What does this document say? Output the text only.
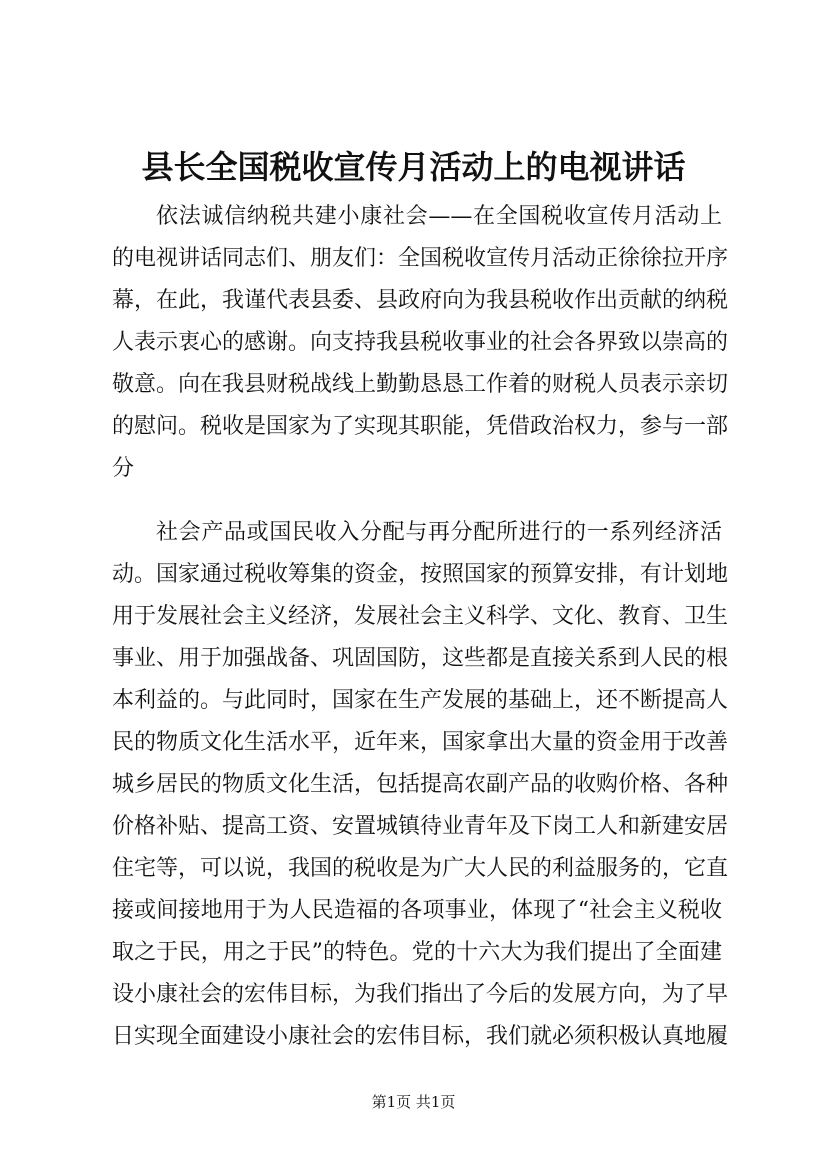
县长全国税收宣传月活动上的电视讲话
依法诚信纳税共建小康社会——在全国税收宣传月活动上
的电视讲话同志们、朋友们：全国税收宣传月活动正徐徐拉开序
幕，在此，我谨代表县委、县政府向为我县税收作出贡献的纳税
人表示衷心的感谢。向支持我县税收事业的社会各界致以崇高的
敬意。向在我县财税战线上勤勤恳恳工作着的财税人员表示亲切
的慰问。税收是国家为了实现其职能，凭借政治权力，参与一部
分
社会产品或国民收入分配与再分配所进行的一系列经济活
动。国家通过税收筹集的资金，按照国家的预算安排，有计划地
用于发展社会主义经济，发展社会主义科学、文化、教育、卫生
事业、用于加强战备、巩固国防，这些都是直接关系到人民的根
本利益的。与此同时，国家在生产发展的基础上，还不断提高人
民的物质文化生活水平，近年来，国家拿出大量的资金用于改善
城乡居民的物质文化生活，包括提高农副产品的收购价格、各种
价格补贴、提高工资、安置城镇待业青年及下岗工人和新建安居
住宅等，可以说，我国的税收是为广大人民的利益服务的，它直
接或间接地用于为人民造福的各项事业，体现了“社会主义税收
取之于民，用之于民”的特色。党的十六大为我们提出了全面建
设小康社会的宏伟目标，为我们指出了今后的发展方向，为了早
日实现全面建设小康社会的宏伟目标，我们就必须积极认真地履
第1页 共1页
